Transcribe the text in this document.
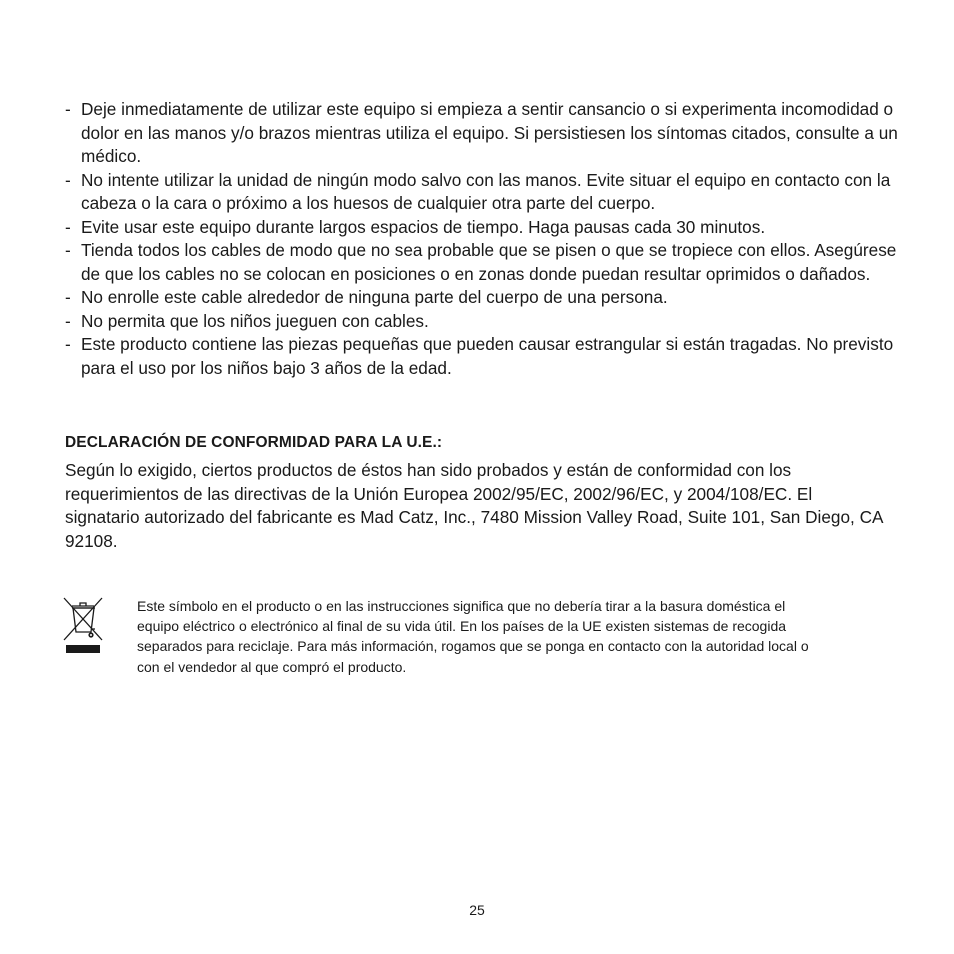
- Deje inmediatamente de utilizar este equipo si empieza a sentir cansancio o si experimenta incomodidad o dolor en las manos y/o brazos mientras utiliza el equipo. Si persistiesen los síntomas citados, consulte a un médico.
- No intente utilizar la unidad de ningún modo salvo con las manos. Evite situar el equipo en contacto con la cabeza o la cara o próximo a los huesos de cualquier otra parte del cuerpo.
- Evite usar este equipo durante largos espacios de tiempo. Haga pausas cada 30 minutos.
- Tienda todos los cables de modo que no sea probable que se pisen o que se tropiece con ellos. Asegúrese de que los cables no se colocan en posiciones o en zonas donde puedan resultar oprimidos o dañados.
- No enrolle este cable alrededor de ninguna parte del cuerpo de una persona.
- No permita que los niños jueguen con cables.
- Este producto contiene las piezas pequeñas que pueden causar estrangular si están tragadas. No previsto para el uso por los niños bajo 3 años de la edad.
DECLARACIÓN DE CONFORMIDAD PARA LA U.E.:

Según lo exigido, ciertos productos de éstos han sido probados y están de conformidad con los requerimientos de las directivas de la Unión Europea 2002/95/EC, 2002/96/EC, y 2004/108/EC. El signatario autorizado del fabricante es Mad Catz, Inc., 7480 Mission Valley Road, Suite 101, San Diego, CA 92108.

Este símbolo en el producto o en las instrucciones significa que no debería tirar a la basura doméstica el equipo eléctrico o electrónico al final de su vida útil. En los países de la UE existen sistemas de recogida separados para reciclaje. Para más información, rogamos que se ponga en contacto con la autoridad local o con el vendedor al que compró el producto.

25
